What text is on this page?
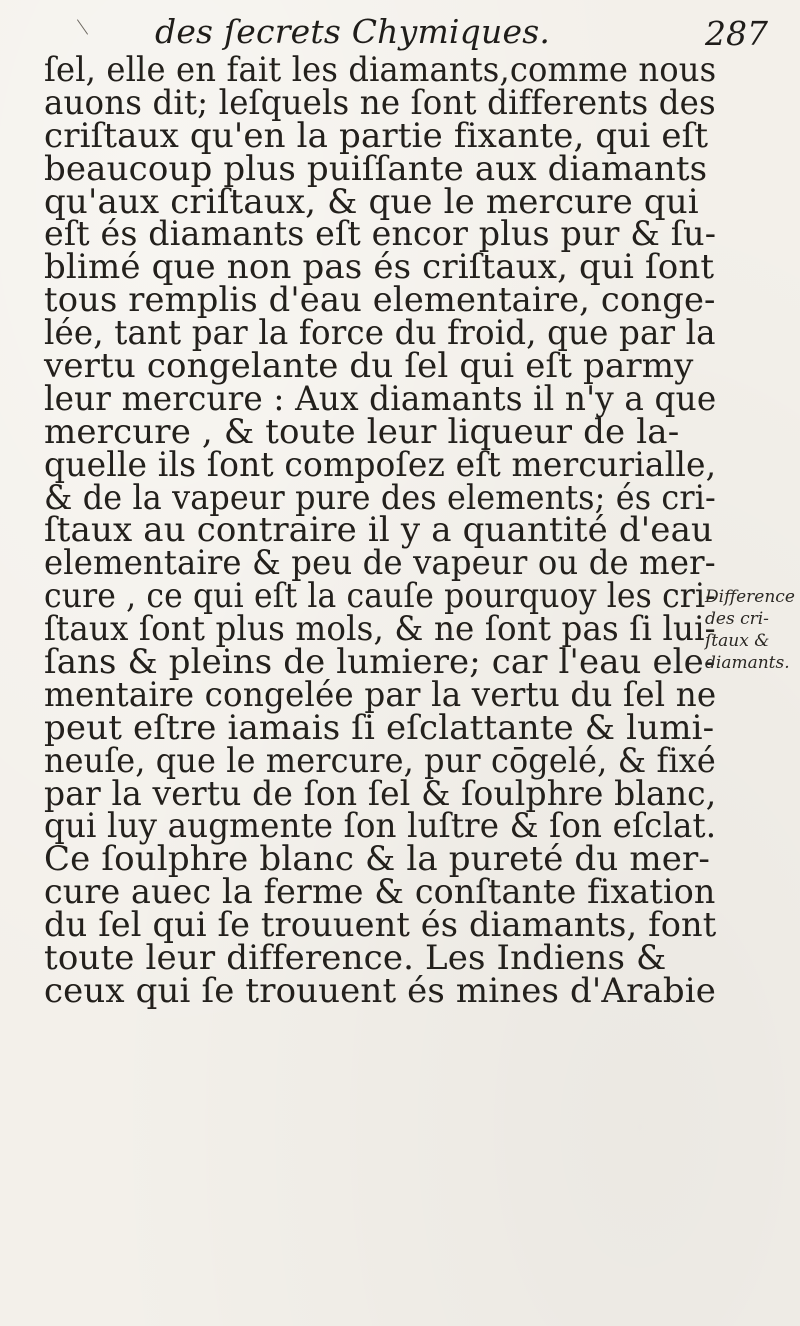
des ſecrets Chymiques.	287
ſel, elle en fait les diamants,comme nous
auons dit; leſquels ne ſont differents des
criſtaux qu'en la partie fixante, qui eſt
beaucoup plus puiſſante aux diamants
qu'aux criſtaux, & que le mercure qui
eſt és diamants eſt encor plus pur & ſu-
blimé que non pas és criſtaux, qui ſont
tous remplis d'eau elementaire, conge-
lée, tant par la force du froid, que par la
vertu congelante du ſel qui eſt parmy
leur mercure : Aux diamants il n'y a que
mercure , & toute leur liqueur de la-
quelle ils ſont compoſez eſt mercurialle,
& de la vapeur pure des elements; és cri-
ſtaux au contraire il y a quantité d'eau
elementaire & peu de vapeur ou de mer-
cure , ce qui eſt la cauſe pourquoy les cri-
ſtaux ſont plus mols, & ne ſont pas ſi lui-
ſans & pleins de lumiere; car l'eau ele-
mentaire congelée par la vertu du ſel ne
peut eſtre iamais ſi eſclattante & lumi-
neuſe, que le mercure, pur cōgelé, & fixé
par la vertu de ſon ſel & ſoulphre blanc,
qui luy augmente ſon luſtre & ſon eſclat.
Ce ſoulphre blanc & la pureté du mer-
cure auec la ferme & conſtante fixation
du ſel qui ſe trouuent és diamants, font
toute leur difference. Les Indiens &
ceux qui ſe trouuent és mines d'Arabie
Difference
des cri-
ſtaux &
diamants.
